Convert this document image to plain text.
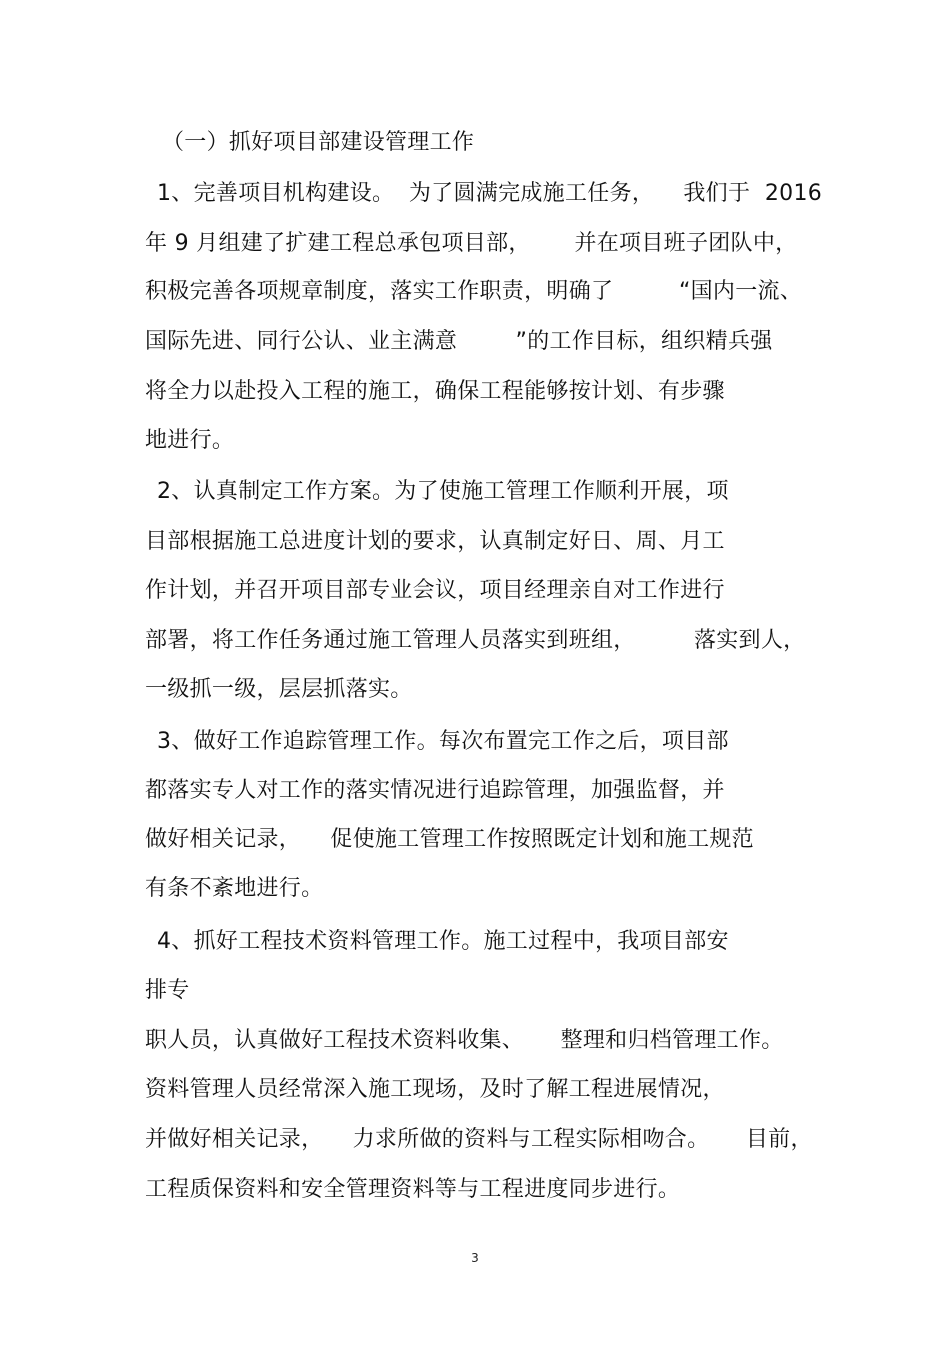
（一）抓好项目部建设管理工作
1、完善项目机构建设。  为了圆满完成施工任务，    我们于  2016
年 9 月组建了扩建工程总承包项目部，      并在项目班子团队中，
积极完善各项规章制度，落实工作职责，明确了         “国内一流、
国际先进、同行公认、业主满意        ”的工作目标，组织精兵强
将全力以赴投入工程的施工，确保工程能够按计划、有步骤
地进行。
2、认真制定工作方案。为了使施工管理工作顺利开展，项
目部根据施工总进度计划的要求，认真制定好日、周、月工
作计划，并召开项目部专业会议，项目经理亲自对工作进行
部署，将工作任务通过施工管理人员落实到班组，        落实到人，
一级抓一级，层层抓落实。
3、做好工作追踪管理工作。每次布置完工作之后，项目部
都落实专人对工作的落实情况进行追踪管理，加强监督，并
做好相关记录，    促使施工管理工作按照既定计划和施工规范
有条不紊地进行。
4、抓好工程技术资料管理工作。施工过程中，我项目部安
排专
职人员，认真做好工程技术资料收集、     整理和归档管理工作。
资料管理人员经常深入施工现场，及时了解工程进展情况，
并做好相关记录，    力求所做的资料与工程实际相吻合。     目前，
工程质保资料和安全管理资料等与工程进度同步进行。
3
